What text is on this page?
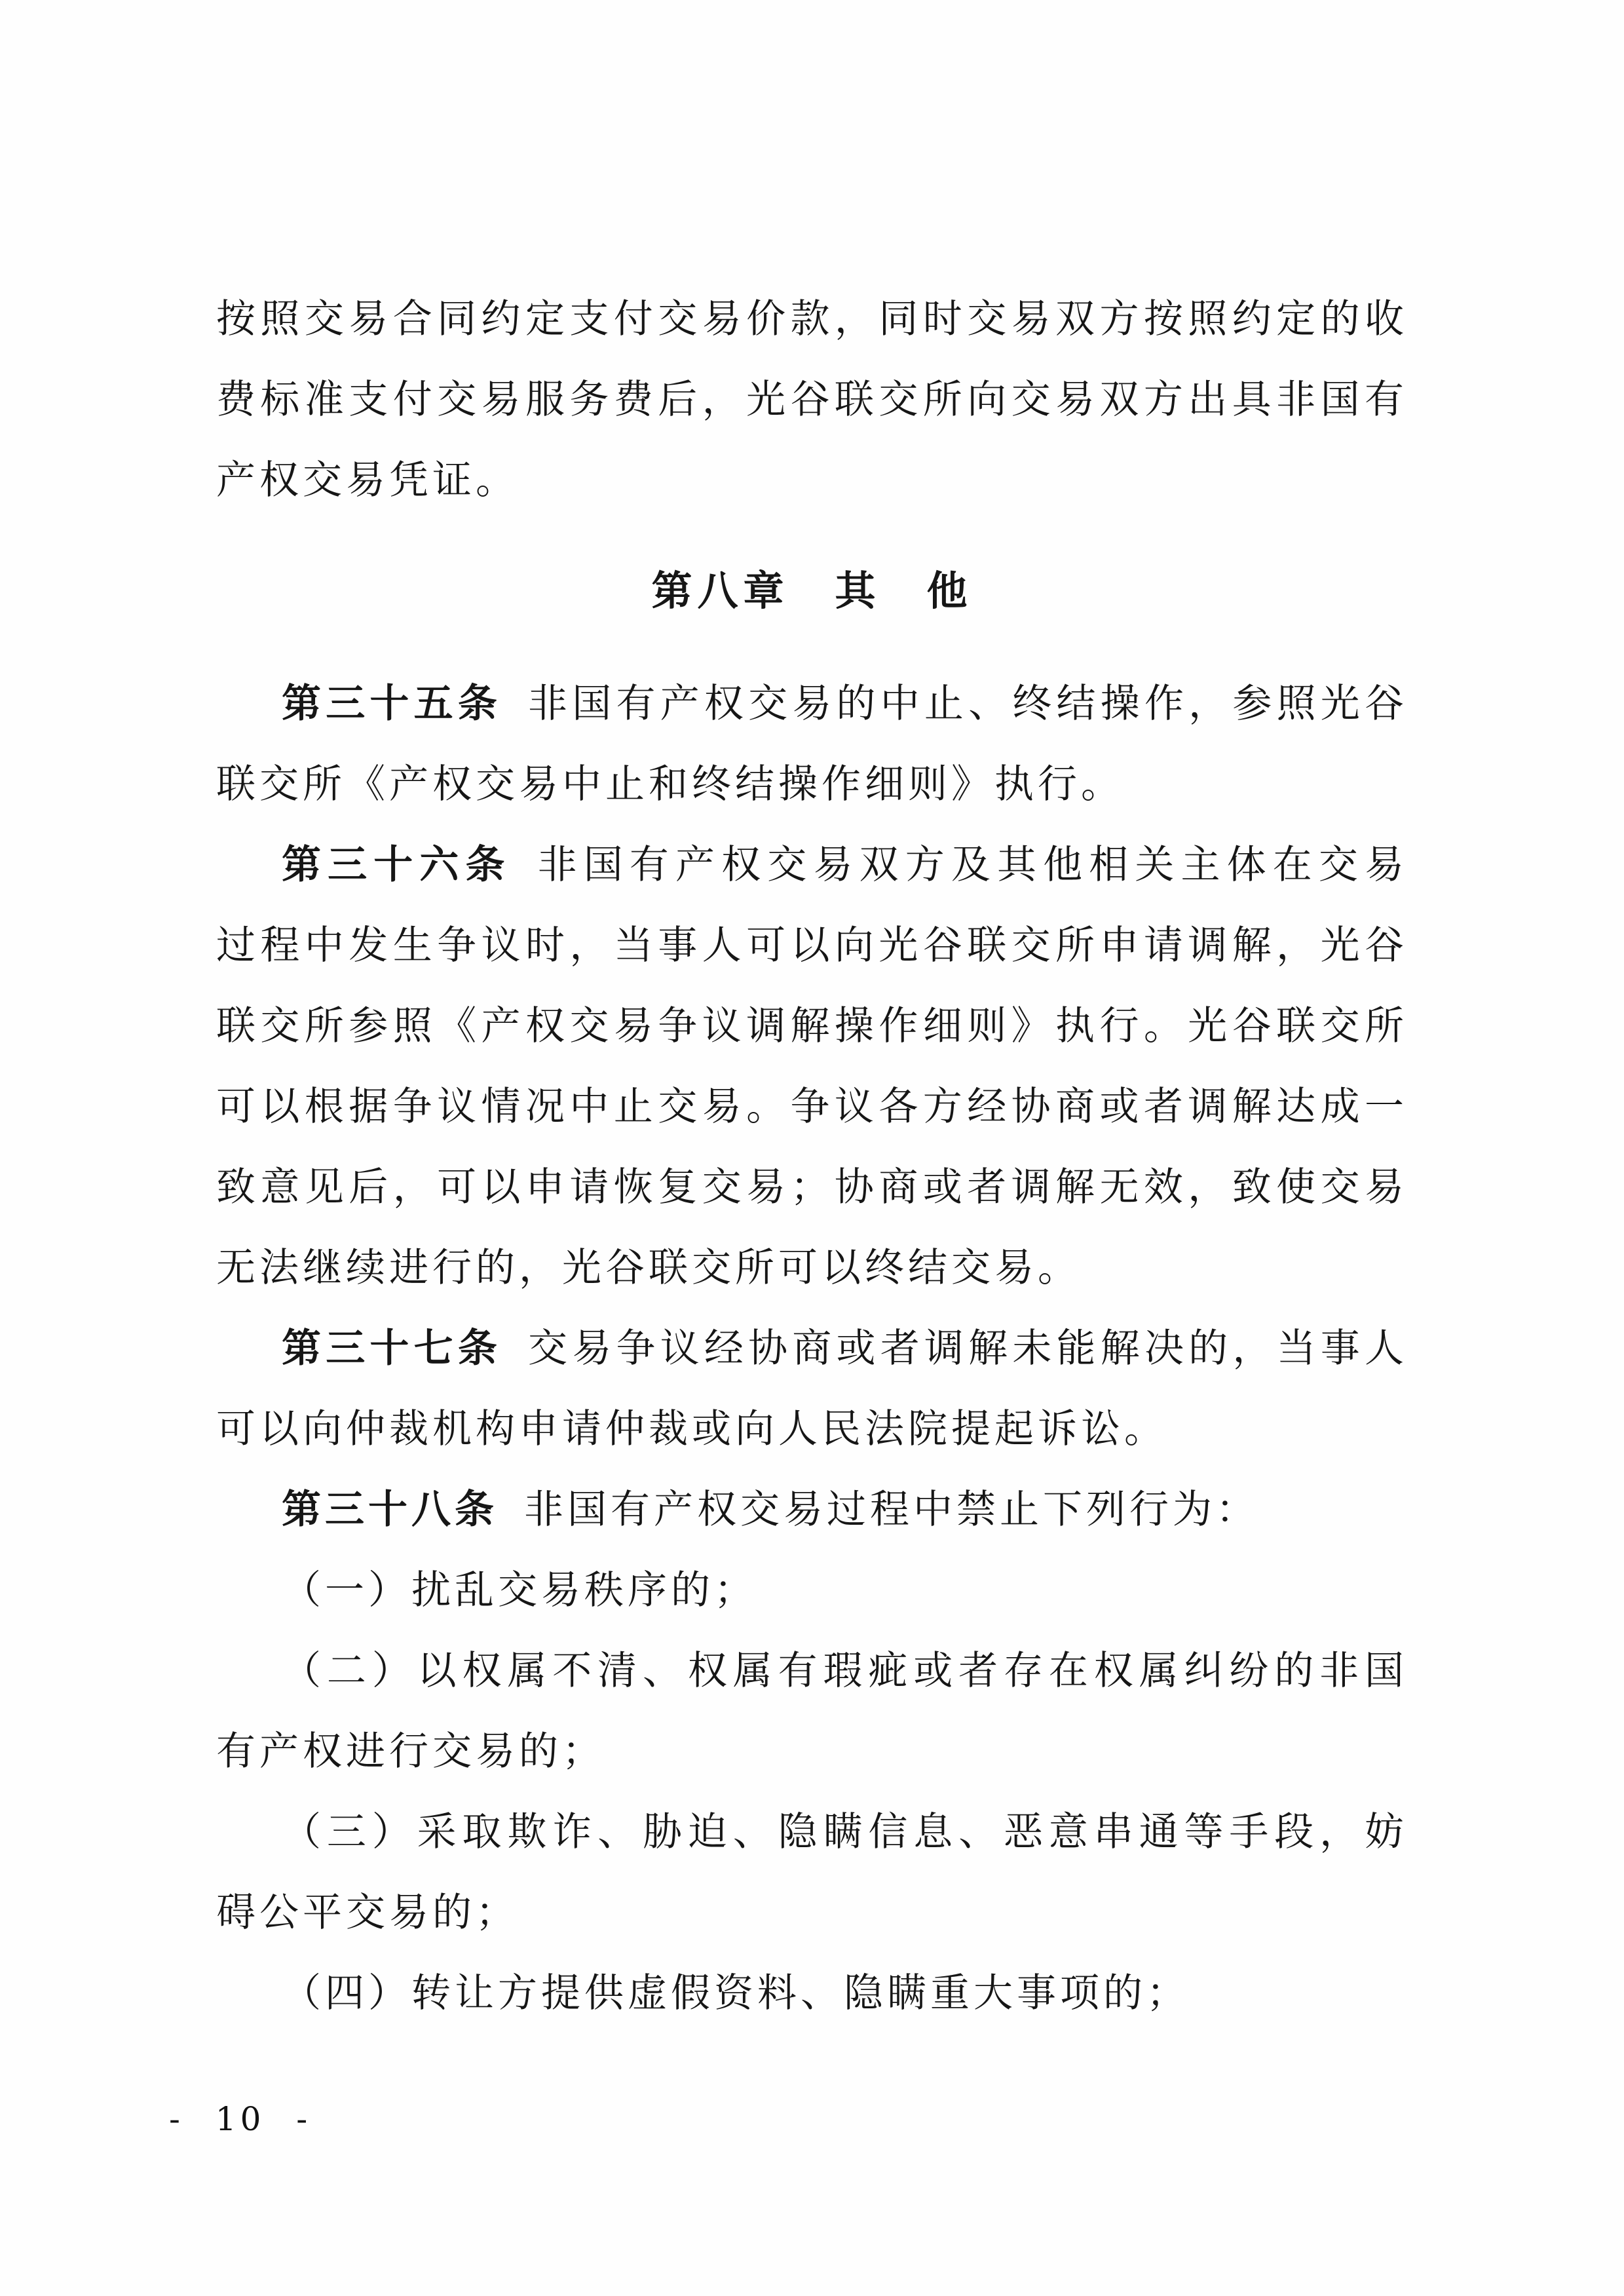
按照交易合同约定支付交易价款，同时交易双方按照约定的收
费标准支付交易服务费后，光谷联交所向交易双方出具非国有
产权交易凭证。
第八章　其　他
第三十五条 非国有产权交易的中止、终结操作，参照光谷
联交所《产权交易中止和终结操作细则》执行。
第三十六条 非国有产权交易双方及其他相关主体在交易
过程中发生争议时，当事人可以向光谷联交所申请调解，光谷
联交所参照《产权交易争议调解操作细则》执行。光谷联交所
可以根据争议情况中止交易。争议各方经协商或者调解达成一
致意见后，可以申请恢复交易；协商或者调解无效，致使交易
无法继续进行的，光谷联交所可以终结交易。
第三十七条 交易争议经协商或者调解未能解决的，当事人
可以向仲裁机构申请仲裁或向人民法院提起诉讼。
第三十八条 非国有产权交易过程中禁止下列行为：
（一）扰乱交易秩序的；
（二）以权属不清、权属有瑕疵或者存在权属纠纷的非国
有产权进行交易的；
（三）采取欺诈、胁迫、隐瞒信息、恶意串通等手段，妨
碍公平交易的；
（四）转让方提供虚假资料、隐瞒重大事项的；
- 10 -
